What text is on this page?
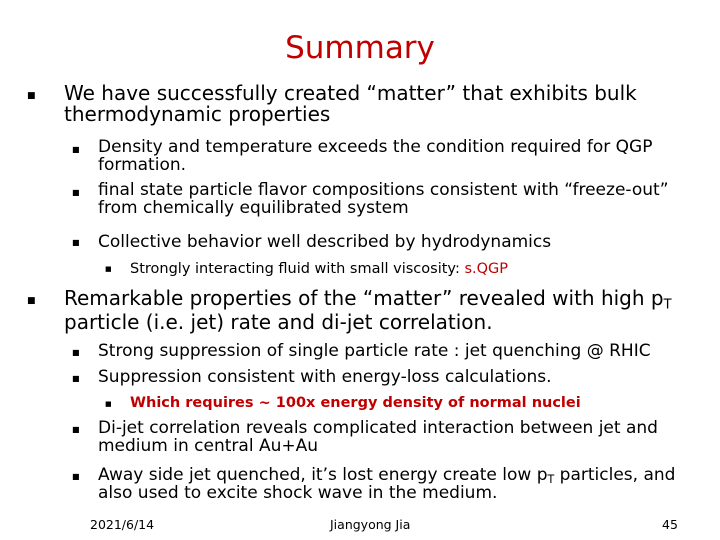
Summary
■ We have successfully created “matter” that exhibits bulk thermodynamic properties
■ Density and temperature exceeds the condition required for QGP formation.
■ final state particle flavor compositions consistent with “freeze-out” from chemically equilibrated system
■ Collective behavior well described by hydrodynamics
■ Strongly interacting fluid with small viscosity: s.QGP
■ Remarkable properties of the “matter” revealed with high $p_T$ particle (i.e. jet) rate and di-jet correlation.
■ Strong suppression of single particle rate : jet quenching @ RHIC
■ Suppression consistent with energy-loss calculations.
■ Which requires ~ 100x energy density of normal nuclei
■ Di-jet correlation reveals complicated interaction between jet and medium in central Au+Au
■ Away side jet quenched, it’s lost energy create low $p_T$ particles, and also used to excite shock wave in the medium.
2021/6/14	Jiangyong Jia	45
